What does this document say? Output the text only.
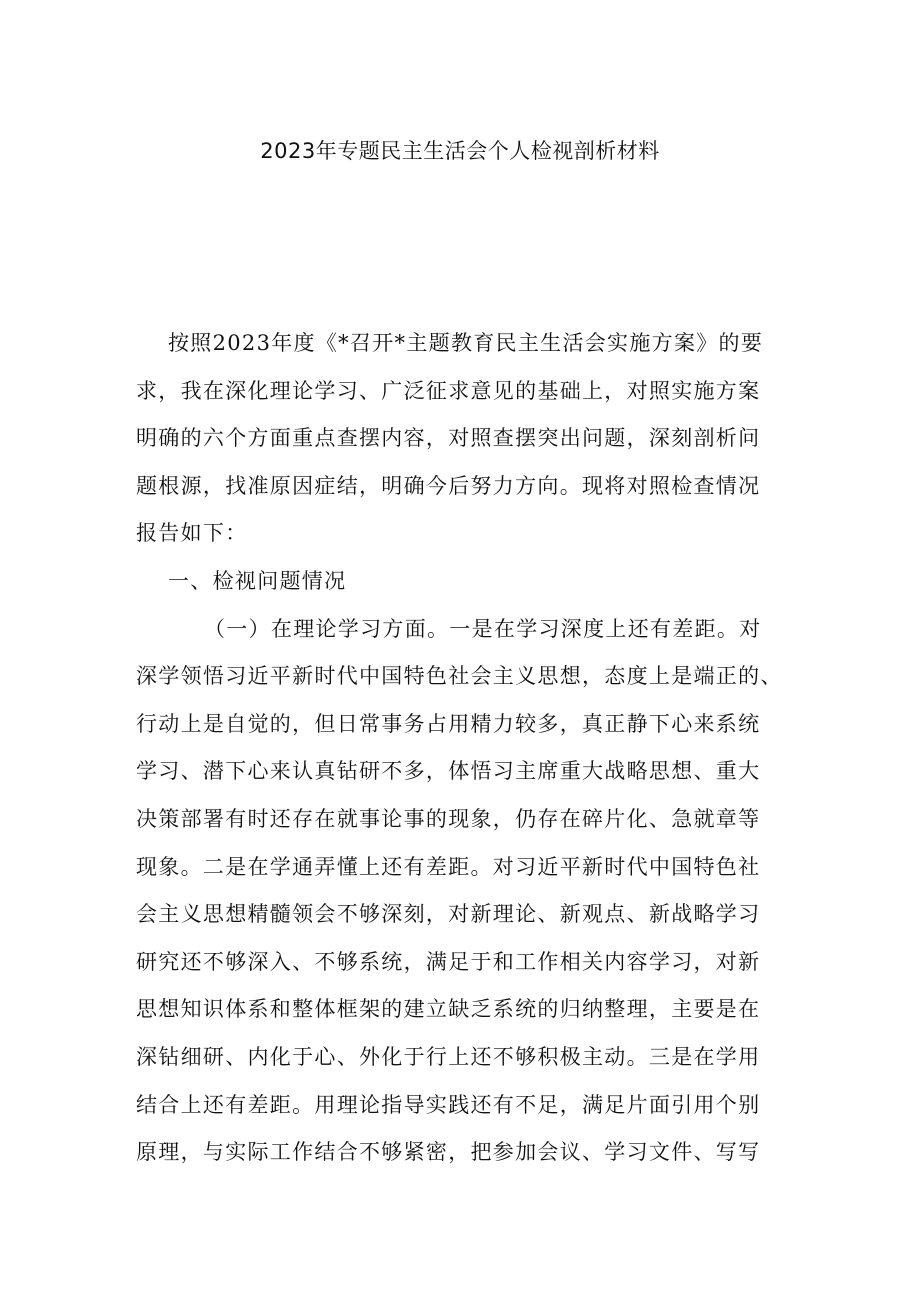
2023年专题民主生活会个人检视剖析材料
按照2023年度《*召开*主题教育民主生活会实施方案》的要
求，我在深化理论学习、广泛征求意见的基础上，对照实施方案
明确的六个方面重点查摆内容，对照查摆突出问题，深刻剖析问
题根源，找准原因症结，明确今后努力方向。现将对照检查情况
报告如下：
一、检视问题情况
（一）在理论学习方面。一是在学习深度上还有差距。对
深学领悟习近平新时代中国特色社会主义思想，态度上是端正的、
行动上是自觉的，但日常事务占用精力较多，真正静下心来系统
学习、潜下心来认真钻研不多，体悟习主席重大战略思想、重大
决策部署有时还存在就事论事的现象，仍存在碎片化、急就章等
现象。二是在学通弄懂上还有差距。对习近平新时代中国特色社
会主义思想精髓领会不够深刻，对新理论、新观点、新战略学习
研究还不够深入、不够系统，满足于和工作相关内容学习，对新
思想知识体系和整体框架的建立缺乏系统的归纳整理，主要是在
深钻细研、内化于心、外化于行上还不够积极主动。三是在学用
结合上还有差距。用理论指导实践还有不足，满足片面引用个别
原理，与实际工作结合不够紧密，把参加会议、学习文件、写写
